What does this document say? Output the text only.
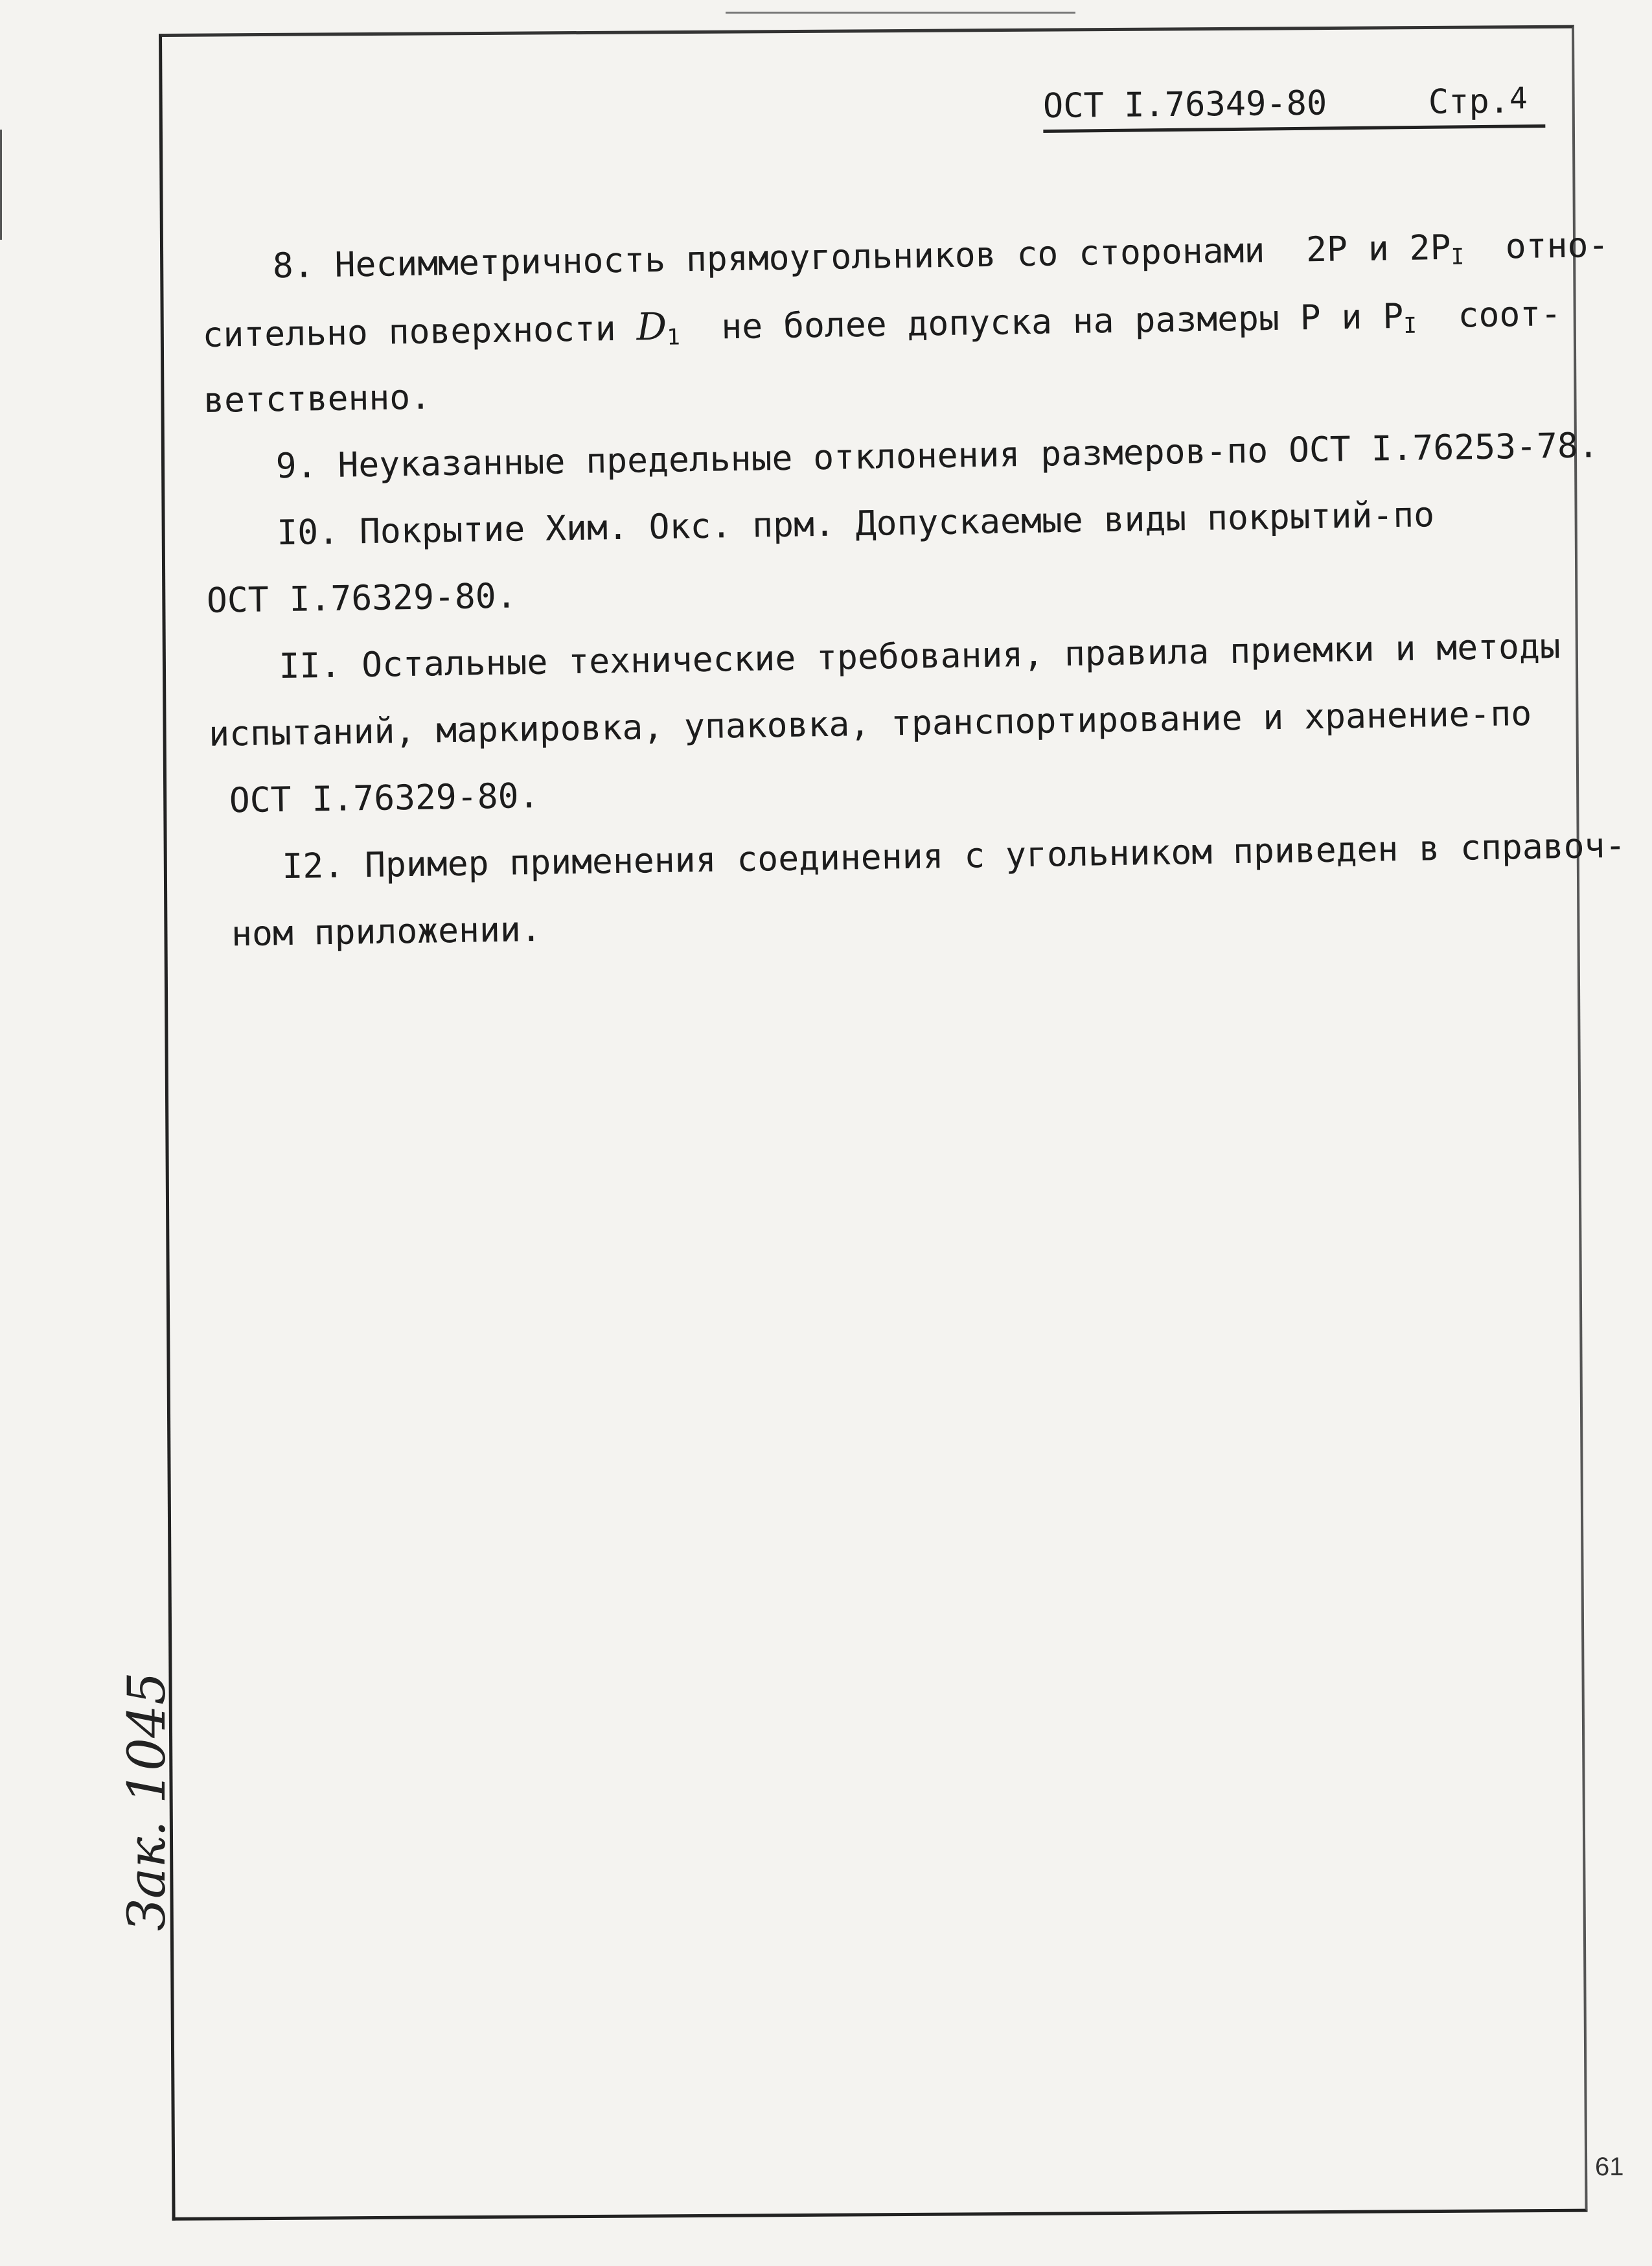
ОСТ I.76349-80	Стр.4
8. Несимметричность прямоугольников со сторонами  2P и $2P_I$  отно-
сительно поверхности $D_1$  не более допуска на размеры P и $P_I$  соот-
ветственно.
9. Неуказанные предельные отклонения размеров-по ОСТ I.76253-78.
I0. Покрытие Хим. Окс. прм. Допускаемые виды покрытий-по
ОСТ I.76329-80.
II. Остальные технические требования, правила приемки и методы
испытаний, маркировка, упаковка, транспортирование и хранение-по
ОСТ I.76329-80.
I2. Пример применения соединения с угольником приведен в справоч-
ном приложении.
Зак. 1045
61
